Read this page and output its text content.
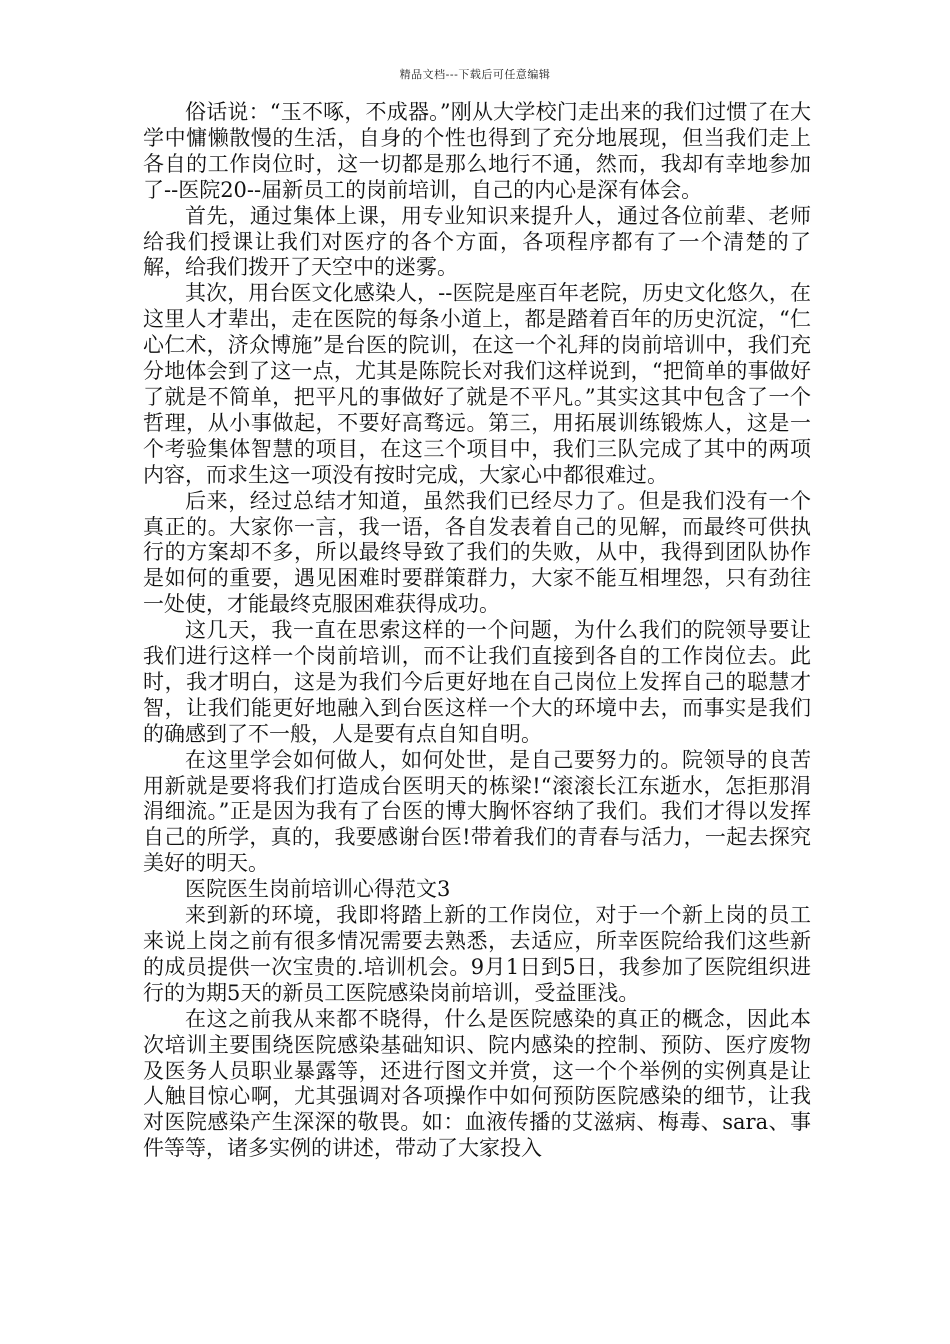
精品文档---下载后可任意编辑

俗话说：“玉不啄，不成器。”刚从大学校门走出来的我们过惯了在大学中慵懒散慢的生活，自身的个性也得到了充分地展现，但当我们走上各自的工作岗位时，这一切都是那么地行不通，然而，我却有幸地参加了--医院20--届新员工的岗前培训，自己的内心是深有体会。

首先，通过集体上课，用专业知识来提升人，通过各位前辈、老师给我们授课让我们对医疗的各个方面，各项程序都有了一个清楚的了解，给我们拨开了天空中的迷雾。

其次，用台医文化感染人，--医院是座百年老院，历史文化悠久，在这里人才辈出，走在医院的每条小道上，都是踏着百年的历史沉淀，“仁心仁术，济众博施”是台医的院训，在这一个礼拜的岗前培训中，我们充分地体会到了这一点，尤其是陈院长对我们这样说到，“把简单的事做好了就是不简单，把平凡的事做好了就是不平凡。”其实这其中包含了一个哲理，从小事做起，不要好高骛远。第三，用拓展训练锻炼人，这是一个考验集体智慧的项目，在这三个项目中，我们三队完成了其中的两项内容，而求生这一项没有按时完成，大家心中都很难过。

后来，经过总结才知道，虽然我们已经尽力了。但是我们没有一个真正的。大家你一言，我一语，各自发表着自己的见解，而最终可供执行的方案却不多，所以最终导致了我们的失败，从中，我得到团队协作是如何的重要，遇见困难时要群策群力，大家不能互相埋怨，只有劲往一处使，才能最终克服困难获得成功。

这几天，我一直在思索这样的一个问题，为什么我们的院领导要让我们进行这样一个岗前培训，而不让我们直接到各自的工作岗位去。此时，我才明白，这是为我们今后更好地在自己岗位上发挥自己的聪慧才智，让我们能更好地融入到台医这样一个大的环境中去，而事实是我们的确感到了不一般，人是要有点自知自明。

在这里学会如何做人，如何处世，是自己要努力的。院领导的良苦用新就是要将我们打造成台医明天的栋梁!“滚滚长江东逝水，怎拒那涓涓细流。”正是因为我有了台医的博大胸怀容纳了我们。我们才得以发挥自己的所学，真的，我要感谢台医!带着我们的青春与活力，一起去探究美好的明天。

医院医生岗前培训心得范文3

来到新的环境，我即将踏上新的工作岗位，对于一个新上岗的员工来说上岗之前有很多情况需要去熟悉，去适应，所幸医院给我们这些新的成员提供一次宝贵的.培训机会。9月1日到5日，我参加了医院组织进行的为期5天的新员工医院感染岗前培训，受益匪浅。

在这之前我从来都不晓得，什么是医院感染的真正的概念，因此本次培训主要围绕医院感染基础知识、院内感染的控制、预防、医疗废物及医务人员职业暴露等，还进行图文并赏，这一个个举例的实例真是让人触目惊心啊，尤其强调对各项操作中如何预防医院感染的细节，让我对医院感染产生深深的敬畏。如：血液传播的艾滋病、梅毒、sara、事件等等，诸多实例的讲述，带动了大家投入
